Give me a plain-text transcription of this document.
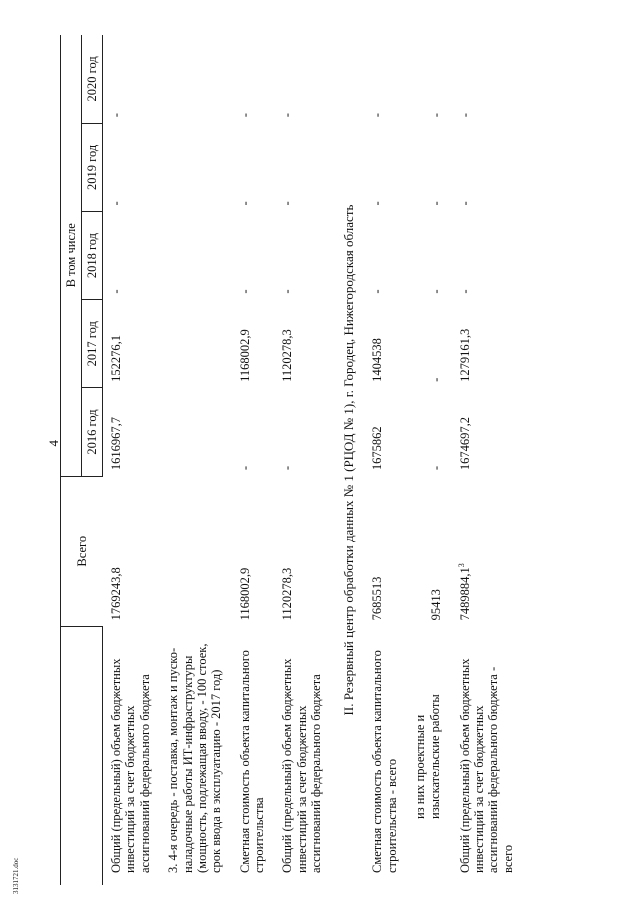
4
	Всего	В том числе				
		2016 год	2017 год	2018 год	2019 год	2020 год
Общий (предельный) объем бюджетных инвестиций за счет бюджетных ассигнований федерального бюджета	1769243,8	1616967,7	152276,1	-	-	-
3. 4-я очередь - поставка, монтаж и пуско-наладочные работы ИТ-инфраструктуры (мощность, подлежащая вводу, - 100 стоек, срок ввода в эксплуатацию - 2017 год)						
Сметная стоимость объекта капитального строительства	1168002,9	-	1168002,9	-	-	-
Общий (предельный) объем бюджетных инвестиций за счет бюджетных ассигнований федерального бюджета	1120278,3	-	1120278,3	-	-	-
II. Резервный центр обработки данных № 1 (РЦОД № 1), г. Городец, Нижегородская область						
Сметная стоимость объекта капитального строительства - всего	7685513	1675862	1404538	-	-	-
из них проектные и изыскательские работы	95413	-	-	-	-	-
Общий (предельный) объем бюджетных инвестиций за счет бюджетных ассигнований федерального бюджета - всего	7489884,1$^3$	1674697,2	1279161,3	-	-	-
3131721.doc
